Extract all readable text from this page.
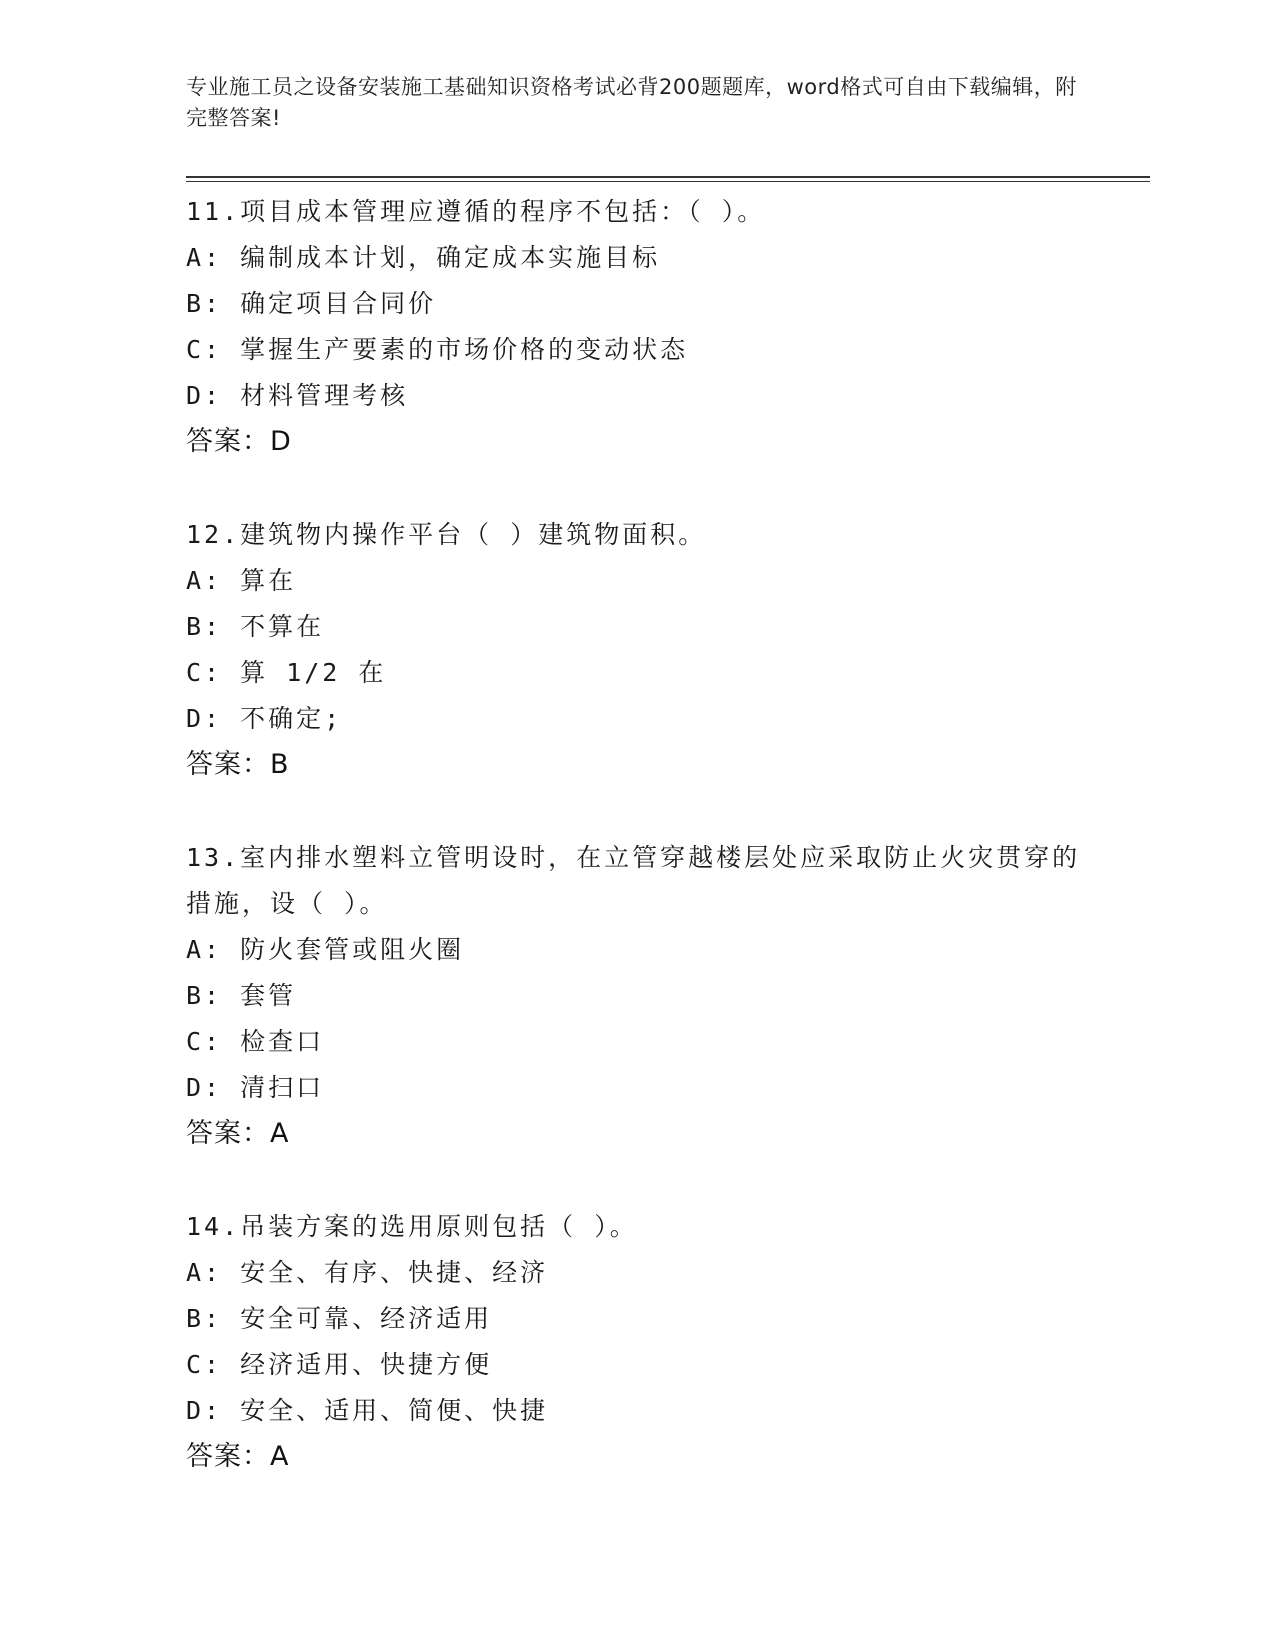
专业施工员之设备安装施工基础知识资格考试必背200题题库，word格式可自由下载编辑，附完整答案!
11.项目成本管理应遵循的程序不包括：（ ）。
A: 编制成本计划，确定成本实施目标
B: 确定项目合同价
C: 掌握生产要素的市场价格的变动状态
D: 材料管理考核
答案：D
12.建筑物内操作平台（ ）建筑物面积。
A: 算在
B: 不算在
C: 算 1/2 在
D: 不确定;
答案：B
13.室内排水塑料立管明设时，在立管穿越楼层处应采取防止火灾贯穿的措施，设（ ）。
A: 防火套管或阻火圈
B: 套管
C: 检查口
D: 清扫口
答案：A
14.吊装方案的选用原则包括（ ）。
A: 安全、有序、快捷、经济
B: 安全可靠、经济适用
C: 经济适用、快捷方便
D: 安全、适用、简便、快捷
答案：A
